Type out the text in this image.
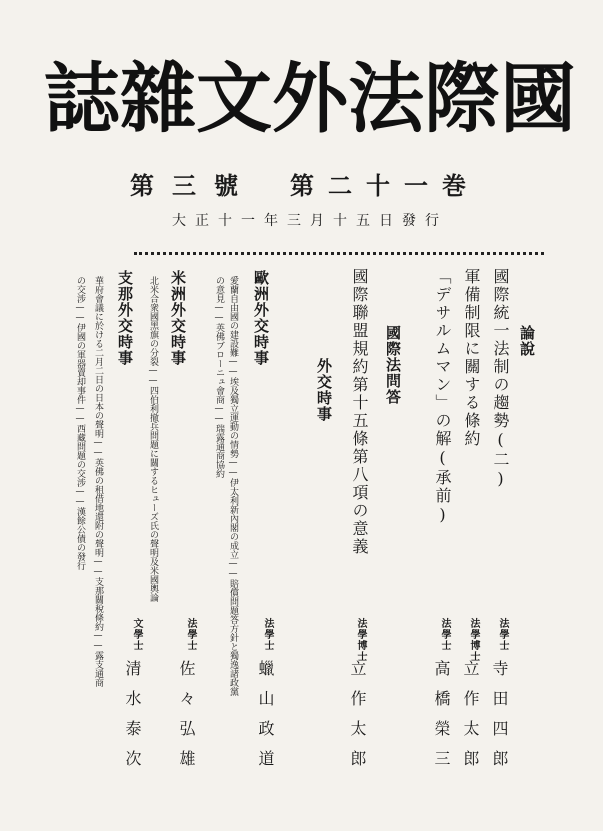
誌 雜 文 外 法 際 國
第三號 第二十一巻
大正十一年三月十五日發行
論說
國際統一法制の趨勢(二)
法學士
寺田四郎
軍備制限に關する條約
法學博士
立作太郎
「デサルムマン」の解(承前)
法學士
高橋榮三
國際法問答
國際聯盟規約第十五條第八項の意義
法學博士
立作太郎
外交時事
歐洲外交時事
愛蘭自由國の建設難——埃及獨立運動の情勢——伊太利新內閣の成立——賠償問題答方針と獨逸諸政黨
の意見——英佛ブローニュ會商——瑞露通商協約
法學士
蠟山政道
米洲外交時事
北米合衆國黑旗の分裂——四伯利撤兵問題に關するヒューズ氏の聲明及米國輿論
法學士
佐々弘雄
支那外交時事
華府會議に於ける二月二日の日本の聲明——英佛の租借地還附の聲明——支那關稅條約——露支通商
の交涉——伊國の軍器賣却事件——西藏問題の交涉——漢餘公債の發行
文學士
清水泰次
